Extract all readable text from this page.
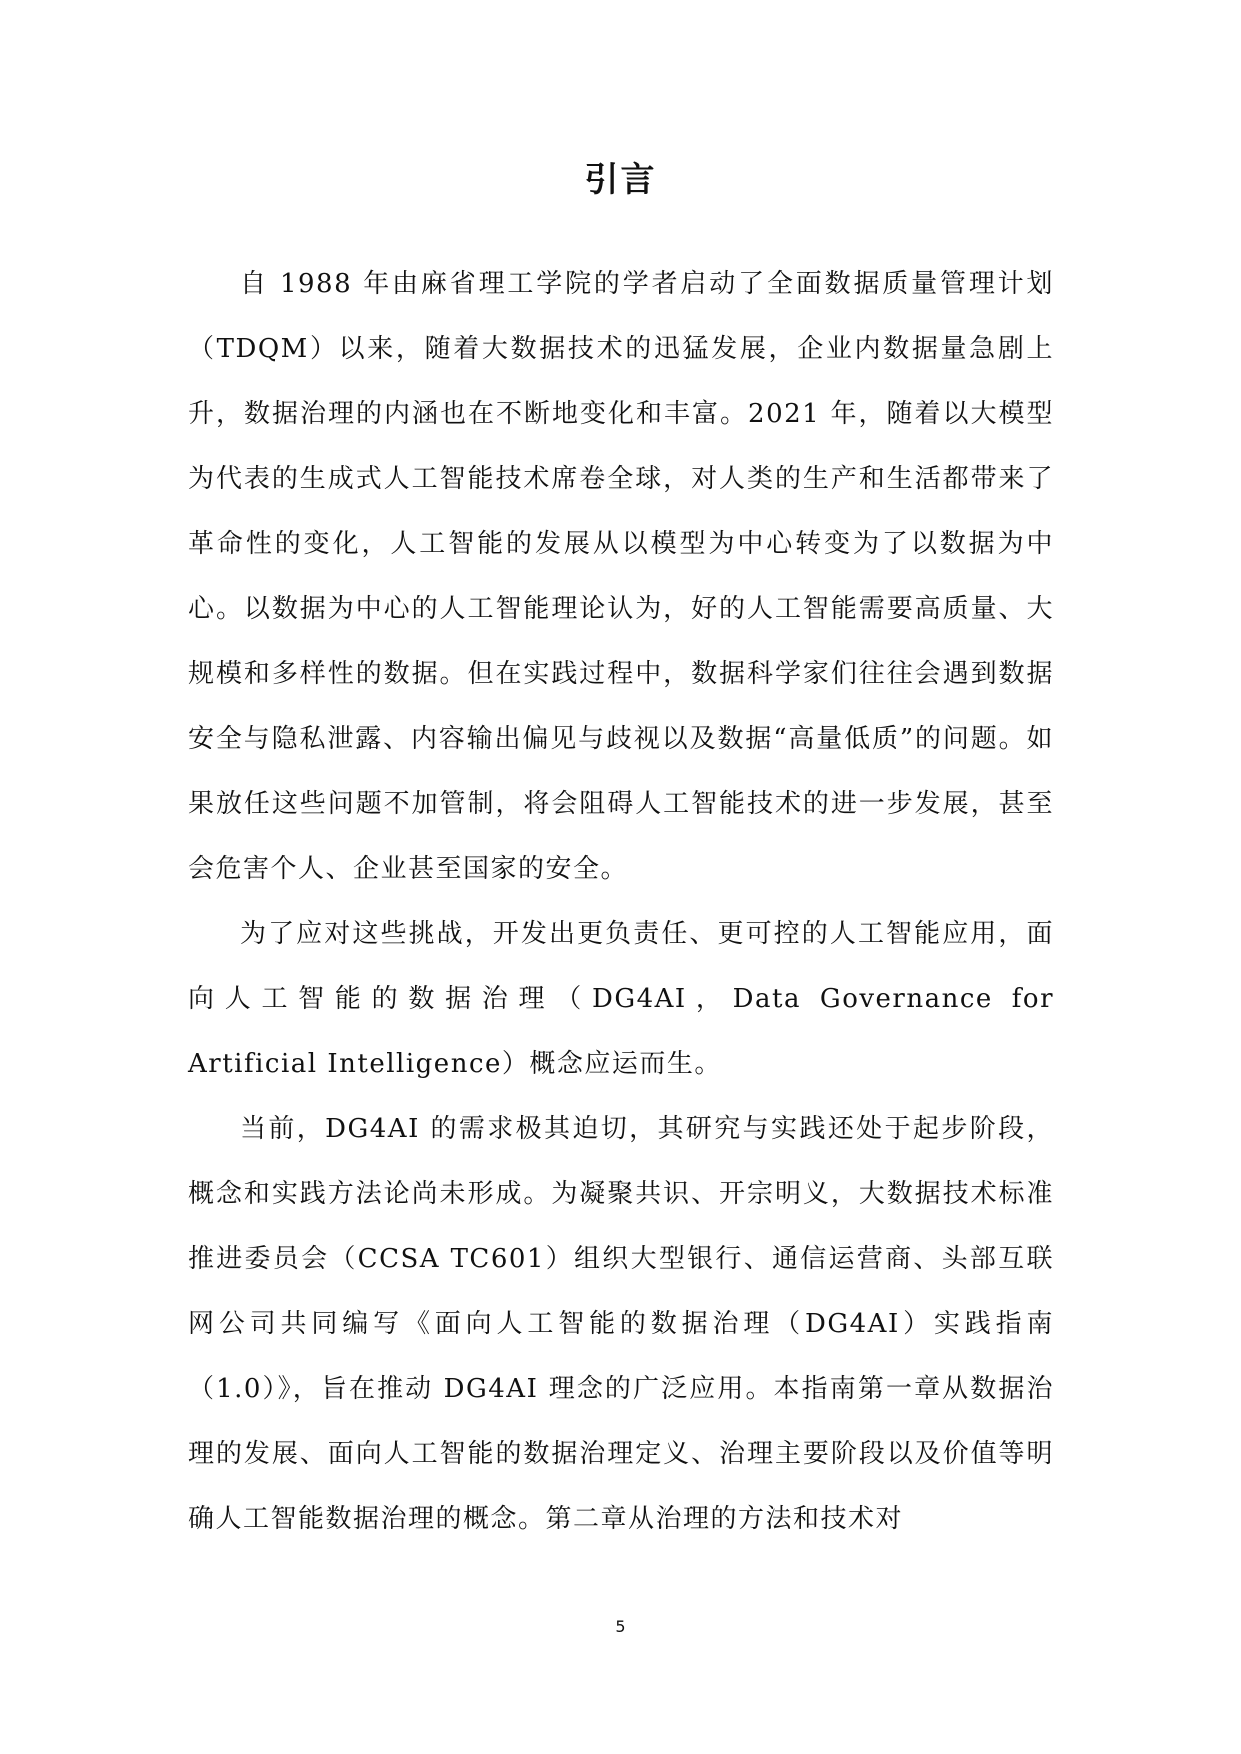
引言

自 1988 年由麻省理工学院的学者启动了全面数据质量管理计划（TDQM）以来，随着大数据技术的迅猛发展，企业内数据量急剧上升，数据治理的内涵也在不断地变化和丰富。2021 年，随着以大模型为代表的生成式人工智能技术席卷全球，对人类的生产和生活都带来了革命性的变化，人工智能的发展从以模型为中心转变为了以数据为中心。以数据为中心的人工智能理论认为，好的人工智能需要高质量、大规模和多样性的数据。但在实践过程中，数据科学家们往往会遇到数据安全与隐私泄露、内容输出偏见与歧视以及数据“高量低质”的问题。如果放任这些问题不加管制，将会阻碍人工智能技术的进一步发展，甚至会危害个人、企业甚至国家的安全。

为了应对这些挑战，开发出更负责任、更可控的人工智能应用，面向人工智能的数据治理（DG4AI，Data Governance for Artificial Intelligence）概念应运而生。

当前，DG4AI 的需求极其迫切，其研究与实践还处于起步阶段，概念和实践方法论尚未形成。为凝聚共识、开宗明义，大数据技术标准推进委员会（CCSA TC601）组织大型银行、通信运营商、头部互联网公司共同编写《面向人工智能的数据治理（DG4AI）实践指南（1.0）》，旨在推动 DG4AI 理念的广泛应用。本指南第一章从数据治理的发展、面向人工智能的数据治理定义、治理主要阶段以及价值等明确人工智能数据治理的概念。第二章从治理的方法和技术对

5
